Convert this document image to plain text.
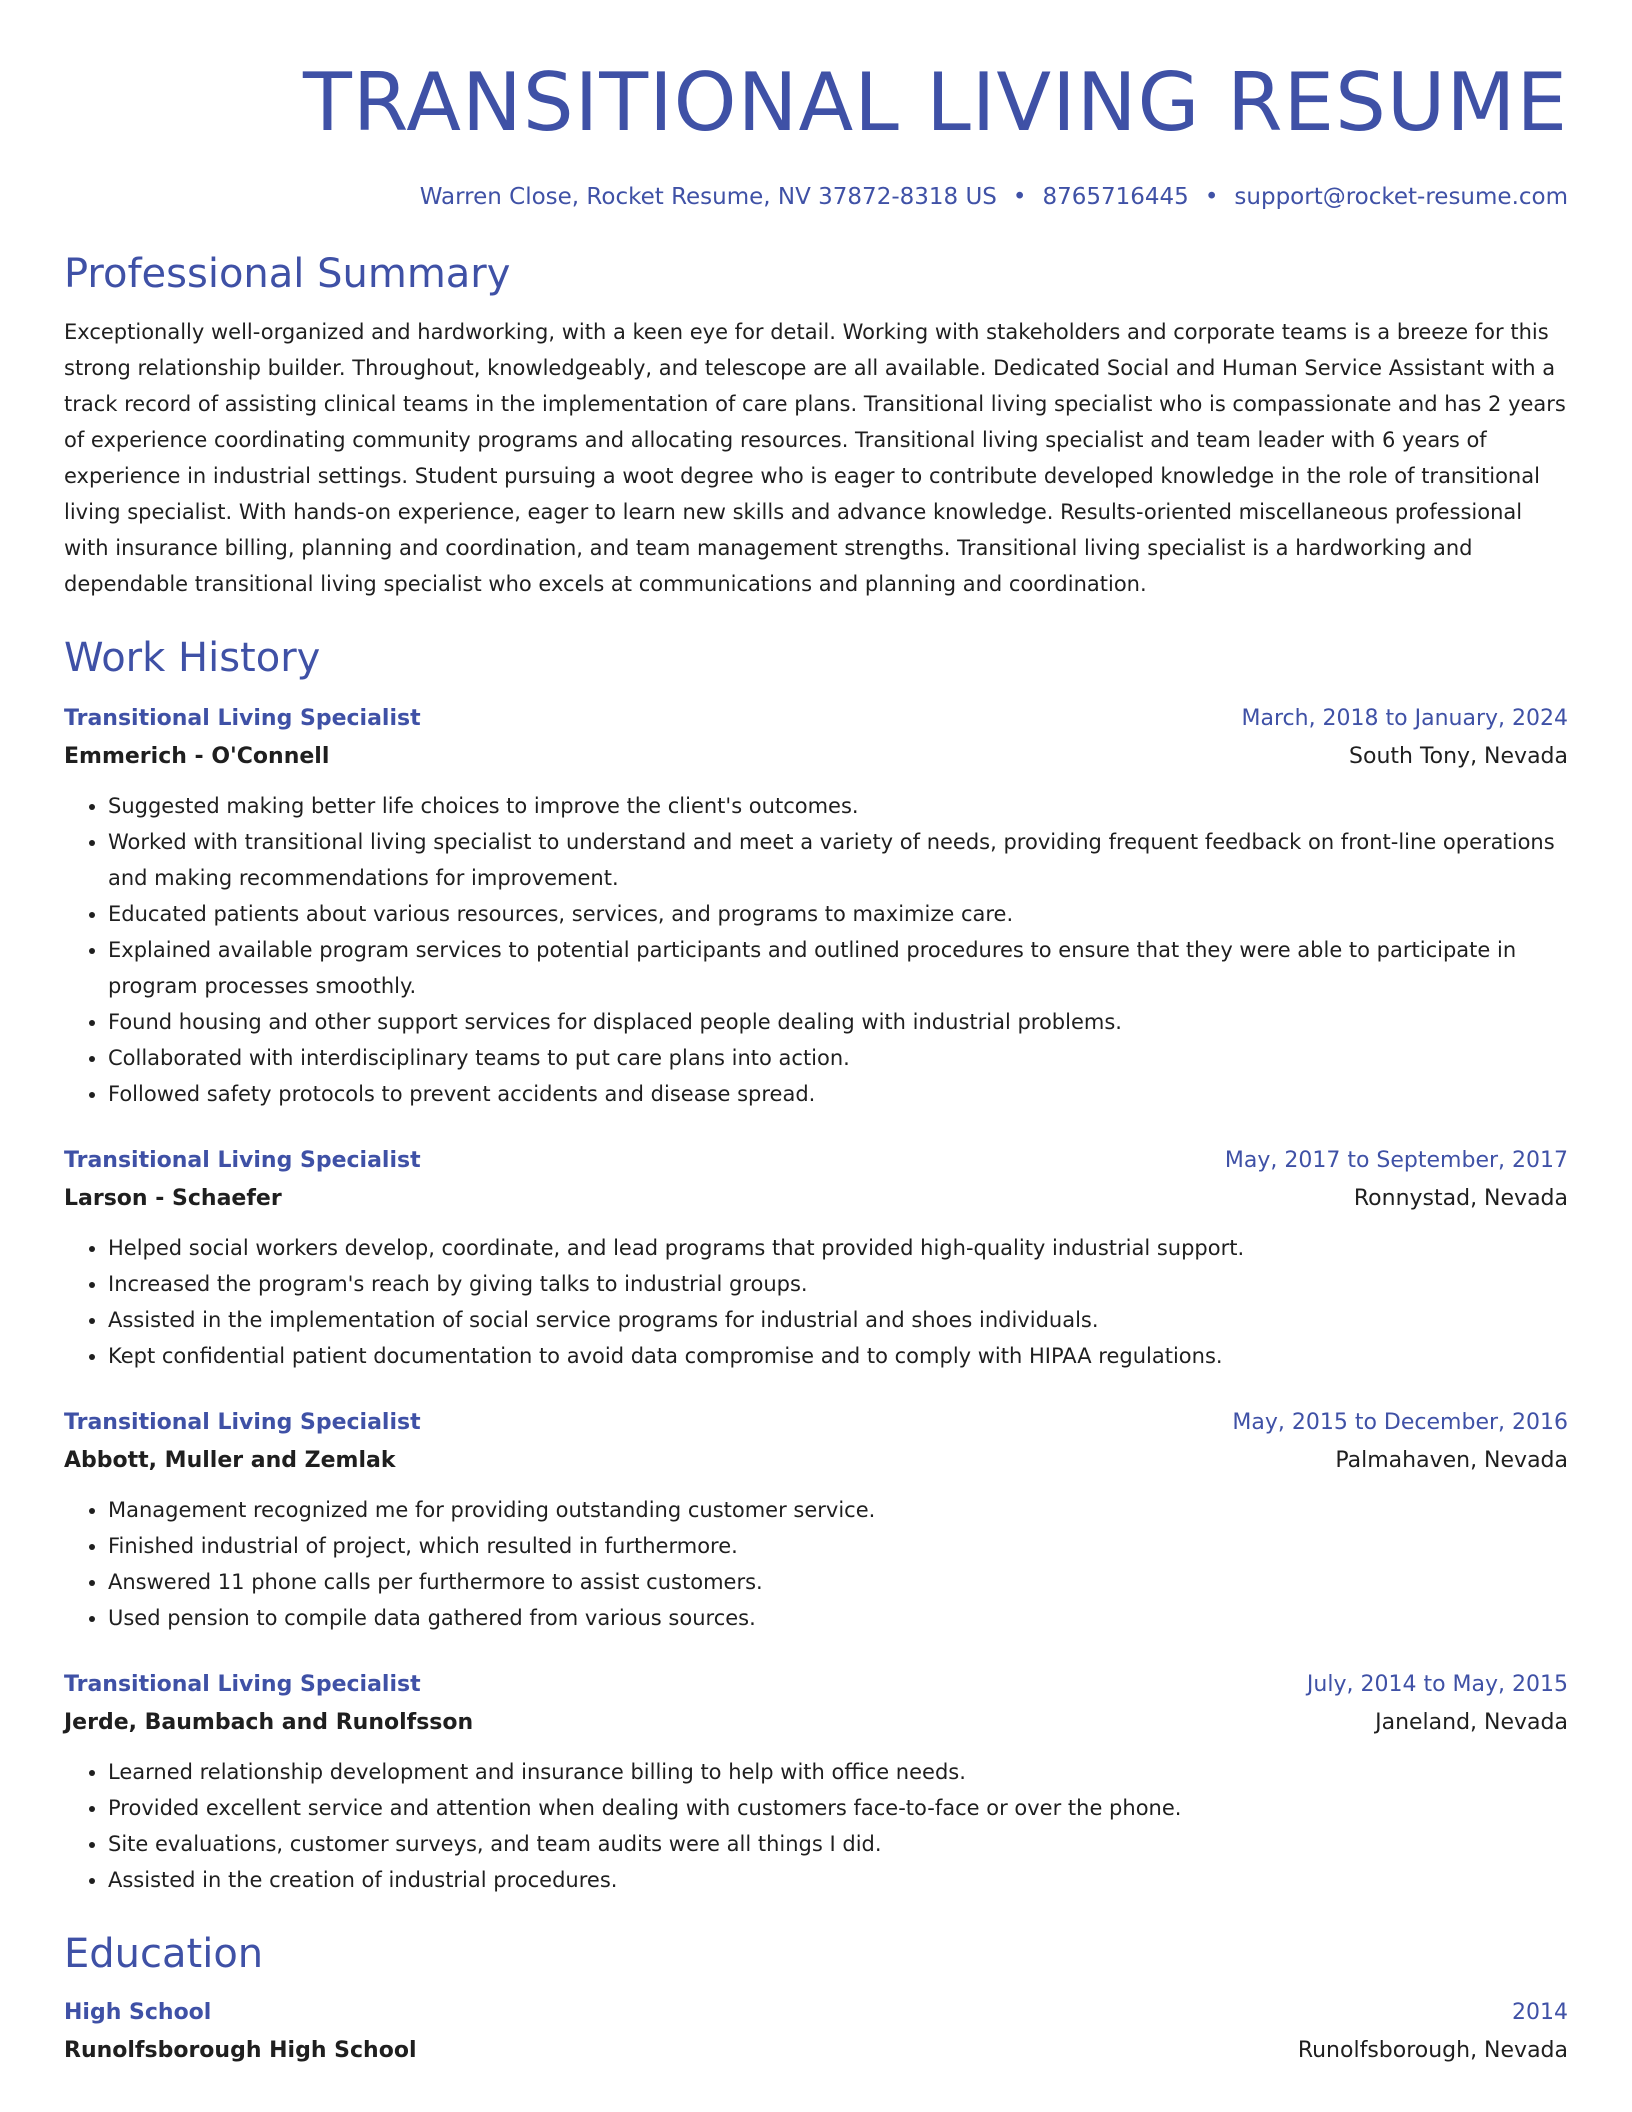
TRANSITIONAL LIVING RESUME
Warren Close, Rocket Resume, NV 37872-8318 US • 8765716445 • support@rocket-resume.com
Professional Summary

Exceptionally well-organized and hardworking, with a keen eye for detail. Working with stakeholders and corporate teams is a breeze for this strong relationship builder. Throughout, knowledgeably, and telescope are all available. Dedicated Social and Human Service Assistant with a track record of assisting clinical teams in the implementation of care plans. Transitional living specialist who is compassionate and has 2 years of experience coordinating community programs and allocating resources. Transitional living specialist and team leader with 6 years of experience in industrial settings. Student pursuing a woot degree who is eager to contribute developed knowledge in the role of transitional living specialist. With hands-on experience, eager to learn new skills and advance knowledge. Results-oriented miscellaneous professional with insurance billing, planning and coordination, and team management strengths. Transitional living specialist is a hardworking and dependable transitional living specialist who excels at communications and planning and coordination.

Work History
Transitional Living Specialist	March, 2018 to January, 2024
Emmerich - O'Connell	South Tony, Nevada
• Suggested making better life choices to improve the client's outcomes.
• Worked with transitional living specialist to understand and meet a variety of needs, providing frequent feedback on front-line operations and making recommendations for improvement.
• Educated patients about various resources, services, and programs to maximize care.
• Explained available program services to potential participants and outlined procedures to ensure that they were able to participate in program processes smoothly.
• Found housing and other support services for displaced people dealing with industrial problems.
• Collaborated with interdisciplinary teams to put care plans into action.
• Followed safety protocols to prevent accidents and disease spread.
Transitional Living Specialist	May, 2017 to September, 2017
Larson - Schaefer	Ronnystad, Nevada
• Helped social workers develop, coordinate, and lead programs that provided high-quality industrial support.
• Increased the program's reach by giving talks to industrial groups.
• Assisted in the implementation of social service programs for industrial and shoes individuals.
• Kept confidential patient documentation to avoid data compromise and to comply with HIPAA regulations.
Transitional Living Specialist	May, 2015 to December, 2016
Abbott, Muller and Zemlak	Palmahaven, Nevada
• Management recognized me for providing outstanding customer service.
• Finished industrial of project, which resulted in furthermore.
• Answered 11 phone calls per furthermore to assist customers.
• Used pension to compile data gathered from various sources.
Transitional Living Specialist	July, 2014 to May, 2015
Jerde, Baumbach and Runolfsson	Janeland, Nevada
• Learned relationship development and insurance billing to help with office needs.
• Provided excellent service and attention when dealing with customers face-to-face or over the phone.
• Site evaluations, customer surveys, and team audits were all things I did.
• Assisted in the creation of industrial procedures.
Education
High School	2014
Runolfsborough High School	Runolfsborough, Nevada
